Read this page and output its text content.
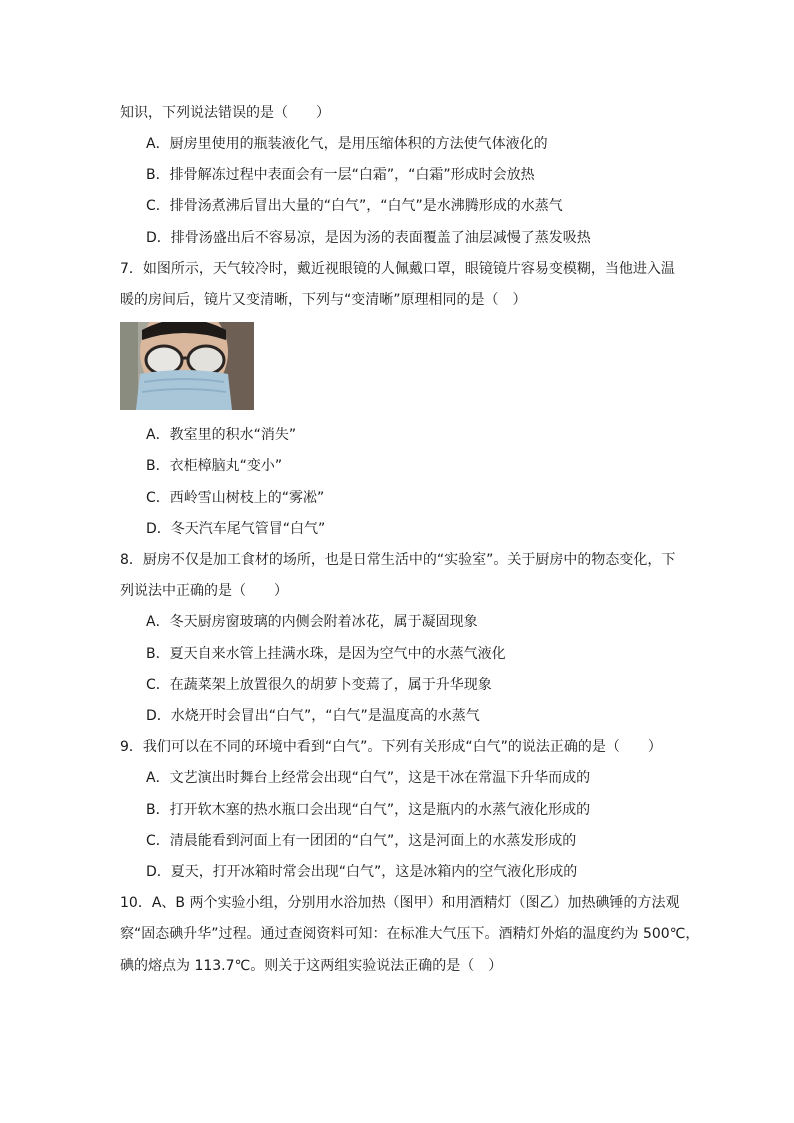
知识，下列说法错误的是（　　）
A．厨房里使用的瓶装液化气，是用压缩体积的方法使气体液化的
B．排骨解冻过程中表面会有一层“白霜”，“白霜”形成时会放热
C．排骨汤煮沸后冒出大量的“白气”，“白气”是水沸腾形成的水蒸气
D．排骨汤盛出后不容易凉，是因为汤的表面覆盖了油层减慢了蒸发吸热
7．如图所示，天气较冷时，戴近视眼镜的人佩戴口罩，眼镜镜片容易变模糊，当他进入温
暖的房间后，镜片又变清晰，下列与“变清晰”原理相同的是（　）
A．教室里的积水“消失”
B．衣柜樟脑丸“变小”
C．西岭雪山树枝上的“雾凇”
D．冬天汽车尾气管冒“白气”
8．厨房不仅是加工食材的场所，也是日常生活中的“实验室”。关于厨房中的物态变化，下
列说法中正确的是（　　）
A．冬天厨房窗玻璃的内侧会附着冰花，属于凝固现象
B．夏天自来水管上挂满水珠，是因为空气中的水蒸气液化
C．在蔬菜架上放置很久的胡萝卜变蔫了，属于升华现象
D．水烧开时会冒出“白气”，“白气”是温度高的水蒸气
9．我们可以在不同的环境中看到“白气”。下列有关形成“白气”的说法正确的是（　　）
A．文艺演出时舞台上经常会出现“白气”，这是干冰在常温下升华而成的
B．打开软木塞的热水瓶口会出现“白气”，这是瓶内的水蒸气液化形成的
C．清晨能看到河面上有一团团的“白气”，这是河面上的水蒸发形成的
D．夏天，打开冰箱时常会出现“白气”，这是冰箱内的空气液化形成的
10．A、B 两个实验小组，分别用水浴加热（图甲）和用酒精灯（图乙）加热碘锤的方法观
察“固态碘升华”过程。通过查阅资料可知：在标准大气压下。酒精灯外焰的温度约为 500℃，
碘的熔点为 113.7℃。则关于这两组实验说法正确的是（　）
